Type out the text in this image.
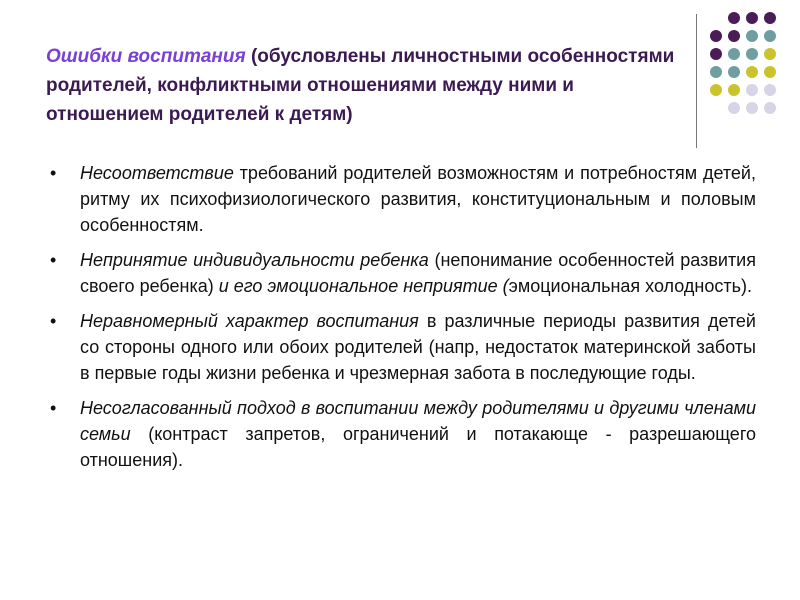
Ошибки воспитания (обусловлены личностными особенностями родителей, конфликтными отношениями между ними и отношением родителей к детям)
• Несоответствие требований родителей возможностям и потребностям детей, ритму их психофизиологического развития, конституциональным и половым особенностям.
• Непринятие индивидуальности ребенка (непонимание особенностей развития своего ребенка) и его эмоциональное неприятие (эмоциональная холодность).
• Неравномерный характер воспитания в различные периоды развития детей со стороны одного или обоих родителей (напр, недостаток материнской заботы в первые годы жизни ребенка и чрезмерная забота в последующие годы.
• Несогласованный подход в воспитании между родителями и другими членами семьи (контраст запретов, ограничений и потакающе - разрешающего отношения).
